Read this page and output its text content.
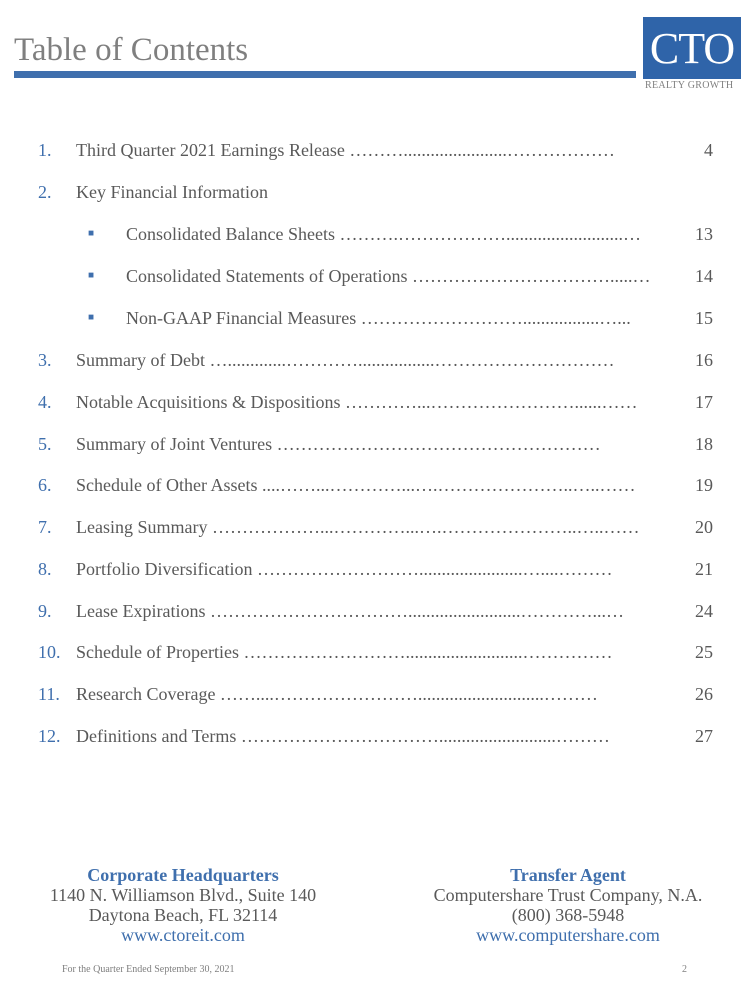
Table of Contents	CTO
REALTY GROWTH
1. Third Quarter 2021 Earnings Release ……….......................………………	4
2. Key Financial Information
■ Consolidated Balance Sheets ……….………………..........................…	13
■ Consolidated Statements of Operations …………………………….....…	14
■ Non-GAAP Financial Measures ……………………….................…...	15
3. Summary of Debt ….............………….................…………………………	16
4. Notable Acquisitions & Dispositions …………...……………………......……	17
5. Summary of Joint Ventures ………………………………………………	18
6. Schedule of Other Assets ....……...…………...….…………………..…..……	19
7. Leasing Summary ………………...…………...….…………………..…..……	20
8. Portfolio Diversification ……………………….......................…....………	21
9. Lease Expirations …………………………….........................…………...…	24
10. Schedule of Properties ………………………..........................……………	25
11. Research Coverage ……....……………………............................………	26
12. Definitions and Terms ……………………………..........................………	27
Corporate Headquarters
1140 N. Williamson Blvd., Suite 140
Daytona Beach, FL 32114
www.ctoreit.com
Transfer Agent
Computershare Trust Company, N.A.
(800) 368-5948
www.computershare.com
For the Quarter Ended September 30, 2021	2
